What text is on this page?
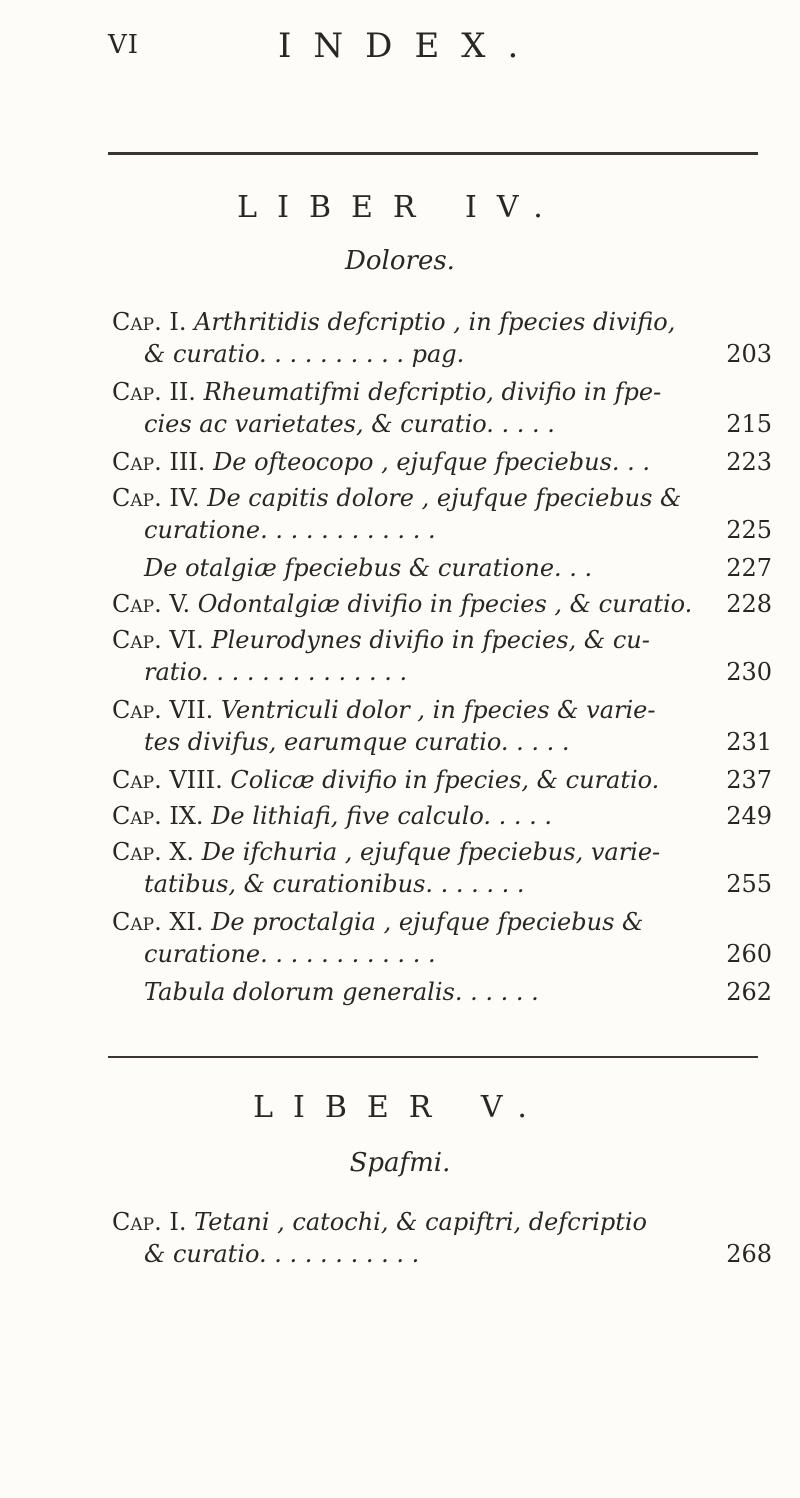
VI	INDEX.
LIBER IV.
Dolores.
Cap. I. Arthritidis defcriptio , in fpecies divifio,
& curatio. . . . . . . . . . pag.	203
Cap. II. Rheumatifmi defcriptio, divifio in fpe-
cies ac varietates, & curatio. . . . .	215
Cap. III. De ofteocopo , ejufque fpeciebus. . .	223
Cap. IV. De capitis dolore , ejufque fpeciebus &
curatione. . . . . . . . . . . .	225
De otalgiæ fpeciebus & curatione. . .	227
Cap. V. Odontalgiæ divifio in fpecies , & curatio. 228
Cap. VI. Pleurodynes divifio in fpecies, & cu-
ratio. . . . . . . . . . . . . .	230
Cap. VII. Ventriculi dolor , in fpecies & varie-
tes divifus, earumque curatio. . . . .	231
Cap. VIII. Colicæ divifio in fpecies, & curatio.	237
Cap. IX. De lithiafi, five calculo. . . . .	249
Cap. X. De ifchuria , ejufque fpeciebus, varie-
tatibus, & curationibus. . . . . . .	255
Cap. XI. De proctalgia , ejufque fpeciebus &
curatione. . . . . . . . . . . .	260
Tabula dolorum generalis. . . . . .	262
LIBER V.
Spafmi.
Cap. I. Tetani , catochi, & capiftri, defcriptio
& curatio. . . . . . . . . . .	268
